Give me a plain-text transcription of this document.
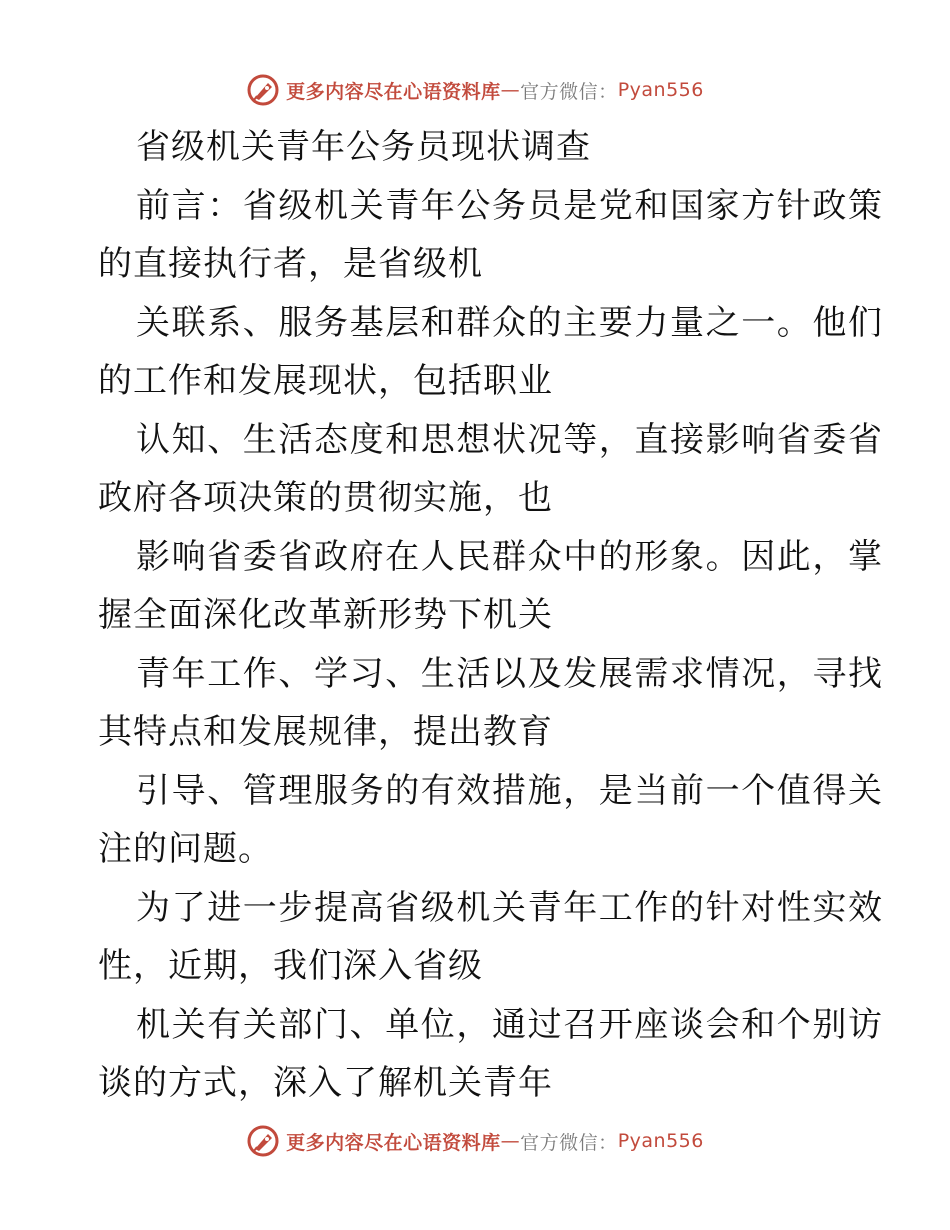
更多内容尽在心语资料库 — 官方微信： Pyan556
省级机关青年公务员现状调查
前言：省级机关青年公务员是党和国家方针政策
的直接执行者，是省级机
关联系、服务基层和群众的主要力量之一。他们
的工作和发展现状，包括职业
认知、生活态度和思想状况等，直接影响省委省
政府各项决策的贯彻实施，也
影响省委省政府在人民群众中的形象。因此，掌
握全面深化改革新形势下机关
青年工作、学习、生活以及发展需求情况，寻找
其特点和发展规律，提出教育
引导、管理服务的有效措施，是当前一个值得关
注的问题。
为了进一步提高省级机关青年工作的针对性实效
性，近期，我们深入省级
机关有关部门、单位，通过召开座谈会和个别访
谈的方式，深入了解机关青年
更多内容尽在心语资料库 — 官方微信： Pyan556
